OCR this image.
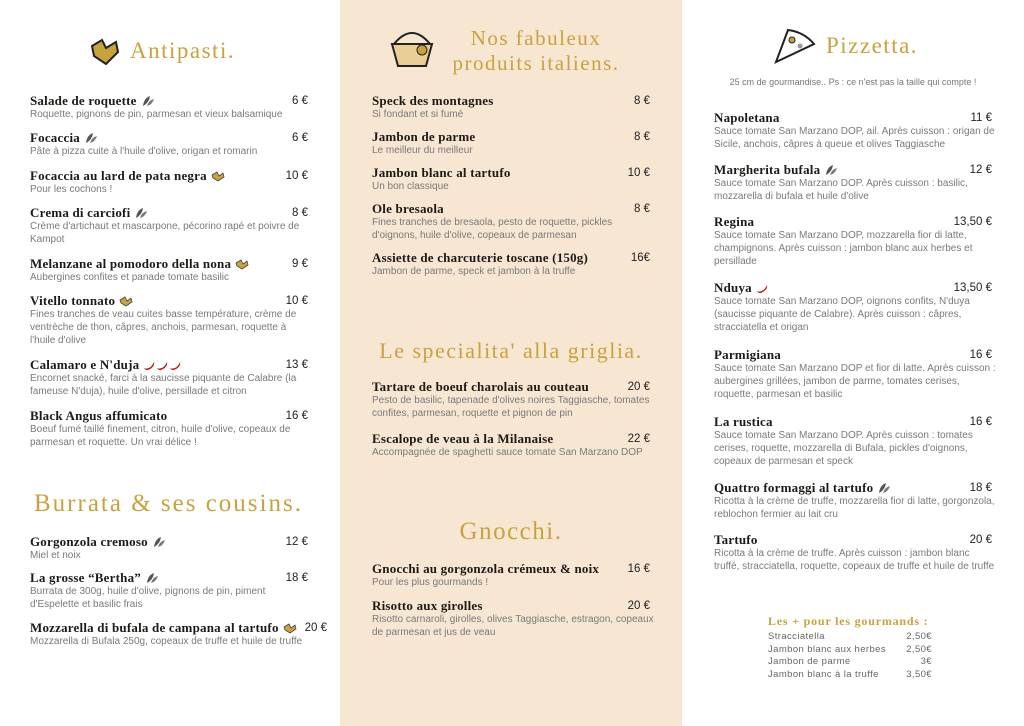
Antipasti.
Burrata & ses cousins.
Salade de roquette	6 €
Roquette, pignons de pin, parmesan et vieux balsamique
Focaccia	6 €
Pâte à pizza cuite à l'huile d'olive, origan et romarin
Focaccia au lard de pata negra	10 €
Pour les cochons !
Crema di carciofi	8 €
Crème d'artichaut et mascarpone, pécorino rapé et poivre de Kampot
Melanzane al pomodoro della nona	9 €
Aubergines confites et panade tomate basilic
Vitello tonnato	10 €
Fines tranches de veau cuites basse température, crème de ventrèche de thon, câpres, anchois, parmesan, roquette à l'huile d'olive
Calamaro e N'duja	13 €
Encornet snacké, farci à la saucisse piquante de Calabre (la fameuse N'duja), huile d'olive, persillade et citron
Black Angus affumicato	16 €
Boeuf fumé taillé finement, citron, huile d'olive, copeaux de parmesan et roquette. Un vrai délice !
Gorgonzola cremoso	12 €
Miel et noix
La grosse “Bertha”	18 €
Burrata de 300g, huile d'olive, pignons de pin, piment d'Espelette et basilic frais
Mozzarella di bufala de campana al tartufo 20 €
Mozzarella di Bufala 250g, copeaux de truffe et huile de truffe
Nos fabuleux
produits italiens.
Le specialita' alla griglia.
Gnocchi.
Speck des montagnes	8 €
Si fondant et si fumé
Jambon de parme	8 €
Le meilleur du meilleur
Jambon blanc al tartufo	10 €
Un bon classique
Ole bresaola	8 €
Fines tranches de bresaola, pesto de roquette, pickles d'oignons, huile d'olive, copeaux de parmesan
Assiette de charcuterie toscane (150g)	16€
Jambon de parme, speck et jambon à la truffe
Tartare de boeuf charolais au couteau	20 €
Pesto de basilic, tapenade d'olives noires Taggiasche, tomates confites, parmesan, roquette et pignon de pin
Escalope de veau à la Milanaise	22 €
Accompagnée de spaghetti sauce tomate San Marzano DOP
Gnocchi au gorgonzola crémeux & noix 16 €
Pour les plus gourmands !
Risotto aux girolles	20 €
Risotto carnaroli, girolles, olives Taggiasche, estragon, copeaux de parmesan et jus de veau
Pizzetta.
25 cm de gourmandise.. Ps : ce n'est pas la taille qui compte !
Les + pour les gourmands :
Stracciatella	2,50€
Jambon blanc aux herbes 2,50€
Jambon de parme	3€
Jambon blanc à la truffe	3,50€
Napoletana	11 €
Sauce tomate San Marzano DOP, ail. Après cuisson : origan de Sicile, anchois, câpres à queue et olives Taggiasche
Margherita bufala	12 €
Sauce tomate San Marzano DOP. Après cuisson : basilic, mozzarella di bufala et huile d'olive
Regina	13,50 €
Sauce tomate San Marzano DOP, mozzarella fior di latte, champignons. Après cuisson : jambon blanc aux herbes et persillade
Nduya	13,50 €
Sauce tomate San Marzano DOP, oignons confits, N'duya (saucisse piquante de Calabre). Après cuisson : câpres, stracciatella et origan
Parmigiana	16 €
Sauce tomate San Marzano DOP et fior di latte. Après cuisson : aubergines grillées, jambon de parme, tomates cerises, roquette, parmesan et basilic
La rustica	16 €
Sauce tomate San Marzano DOP. Après cuisson : tomates cerises, roquette, mozzarella di Bufala, pickles d'oignons, copeaux de parmesan et speck
Quattro formaggi al tartufo	18 €
Ricotta à la crème de truffe, mozzarella fior di latte, gorgonzola, reblochon fermier au lait cru
Tartufo	20 €
Ricotta à la crème de truffe. Après cuisson : jambon blanc truffé, stracciatella, roquette, copeaux de truffe et huile de truffe
